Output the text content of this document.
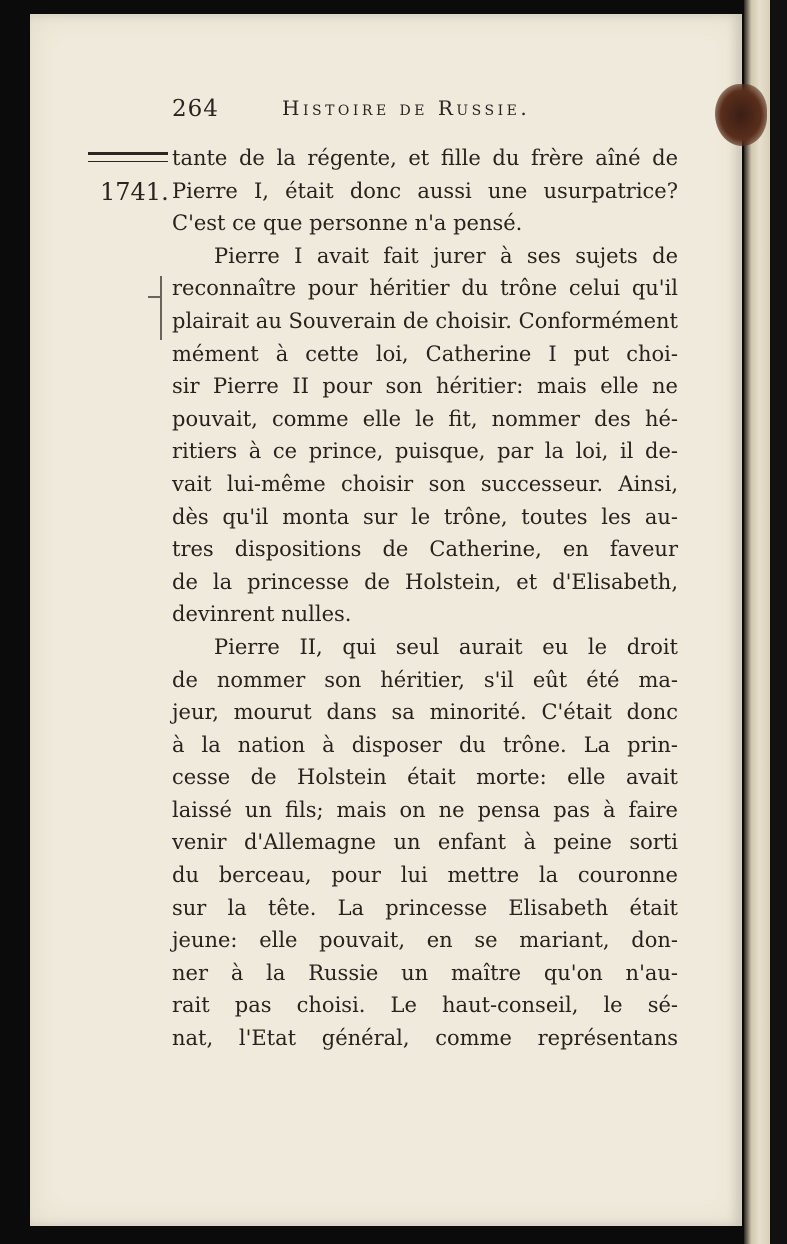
264	Histoire de Russie.
1741.
tante de la régente, et fille du frère aîné de
Pierre I, était donc aussi une usurpatrice?
C'est ce que personne n'a pensé.
Pierre I avait fait jurer à ses sujets de
reconnaître pour héritier du trône celui qu'il
plairait au Souverain de choisir. Conformément
mément à cette loi, Catherine I put choi-
sir Pierre II pour son héritier: mais elle ne
pouvait, comme elle le fit, nommer des hé-
ritiers à ce prince, puisque, par la loi, il de-
vait lui-même choisir son successeur. Ainsi,
dès qu'il monta sur le trône, toutes les au-
tres dispositions de Catherine, en faveur
de la princesse de Holstein, et d'Elisabeth,
devinrent nulles.
Pierre II, qui seul aurait eu le droit
de nommer son héritier, s'il eût été ma-
jeur, mourut dans sa minorité. C'était donc
à la nation à disposer du trône. La prin-
cesse de Holstein était morte: elle avait
laissé un fils; mais on ne pensa pas à faire
venir d'Allemagne un enfant à peine sorti
du berceau, pour lui mettre la couronne
sur la tête. La princesse Elisabeth était
jeune: elle pouvait, en se mariant, don-
ner à la Russie un maître qu'on n'au-
rait pas choisi. Le haut-conseil, le sé-
nat, l'Etat général, comme représentans
